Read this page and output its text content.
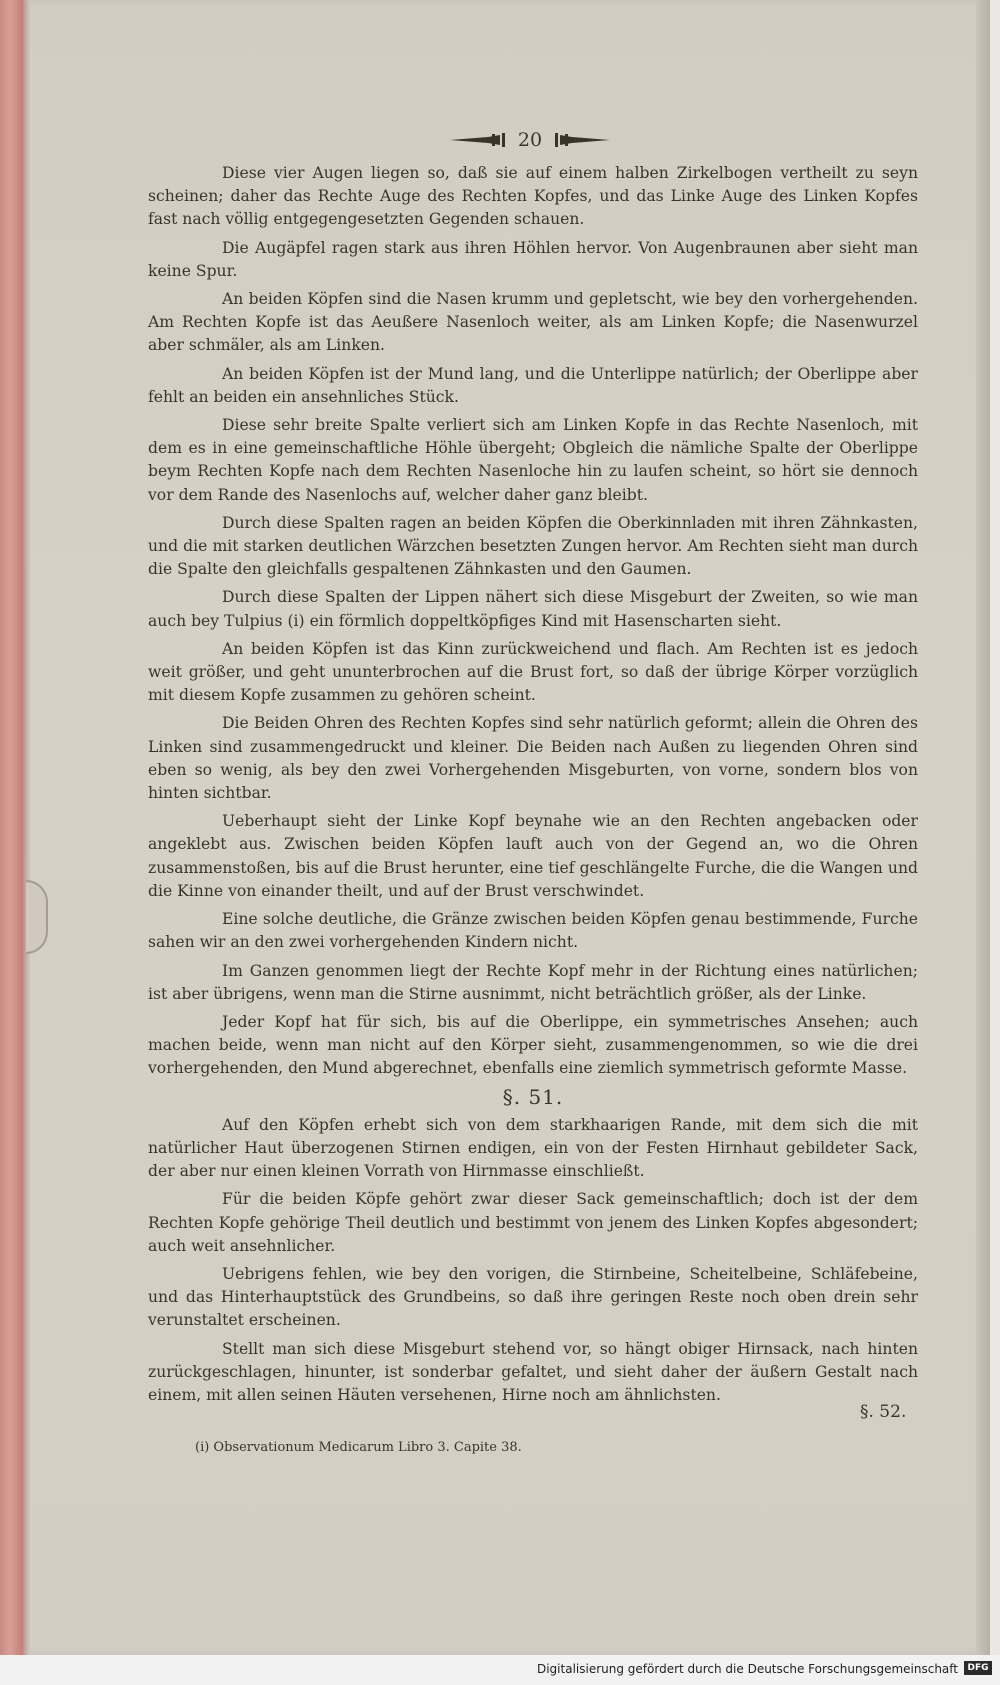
20

Diese vier Augen liegen so, daß sie auf einem halben Zirkelbogen vertheilt zu seyn scheinen; daher das Rechte Auge des Rechten Kopfes, und das Linke Auge des Linken Kopfes fast nach völlig entgegengesetzten Gegenden schauen.

Die Augäpfel ragen stark aus ihren Höhlen hervor. Von Augenbraunen aber sieht man keine Spur.

An beiden Köpfen sind die Nasen krumm und gepletscht, wie bey den vorhergehenden. Am Rechten Kopfe ist das Aeußere Nasenloch weiter, als am Linken Kopfe; die Nasenwurzel aber schmäler, als am Linken.

An beiden Köpfen ist der Mund lang, und die Unterlippe natürlich; der Oberlippe aber fehlt an beiden ein ansehnliches Stück.

Diese sehr breite Spalte verliert sich am Linken Kopfe in das Rechte Nasenloch, mit dem es in eine gemeinschaftliche Höhle übergeht; Obgleich die nämliche Spalte der Oberlippe beym Rechten Kopfe nach dem Rechten Nasenloche hin zu laufen scheint, so hört sie dennoch vor dem Rande des Nasenlochs auf, welcher daher ganz bleibt.

Durch diese Spalten ragen an beiden Köpfen die Oberkinnladen mit ihren Zähnkasten, und die mit starken deutlichen Wärzchen besetzten Zungen hervor. Am Rechten sieht man durch die Spalte den gleichfalls gespaltenen Zähnkasten und den Gaumen.

Durch diese Spalten der Lippen nähert sich diese Misgeburt der Zweiten, so wie man auch bey Tulpius (i) ein förmlich doppeltköpfiges Kind mit Hasenscharten sieht.

An beiden Köpfen ist das Kinn zurückweichend und flach. Am Rechten ist es jedoch weit größer, und geht ununterbrochen auf die Brust fort, so daß der übrige Körper vorzüglich mit diesem Kopfe zusammen zu gehören scheint.

Die Beiden Ohren des Rechten Kopfes sind sehr natürlich geformt; allein die Ohren des Linken sind zusammengedruckt und kleiner. Die Beiden nach Außen zu liegenden Ohren sind eben so wenig, als bey den zwei Vorhergehenden Misgeburten, von vorne, sondern blos von hinten sichtbar.

Ueberhaupt sieht der Linke Kopf beynahe wie an den Rechten angebacken oder angeklebt aus. Zwischen beiden Köpfen lauft auch von der Gegend an, wo die Ohren zusammenstoßen, bis auf die Brust herunter, eine tief geschlängelte Furche, die die Wangen und die Kinne von einander theilt, und auf der Brust verschwindet.

Eine solche deutliche, die Gränze zwischen beiden Köpfen genau bestimmende, Furche sahen wir an den zwei vorhergehenden Kindern nicht.

Im Ganzen genommen liegt der Rechte Kopf mehr in der Richtung eines natürlichen; ist aber übrigens, wenn man die Stirne ausnimmt, nicht beträchtlich größer, als der Linke.

Jeder Kopf hat für sich, bis auf die Oberlippe, ein symmetrisches Ansehen; auch machen beide, wenn man nicht auf den Körper sieht, zusammengenommen, so wie die drei vorhergehenden, den Mund abgerechnet, ebenfalls eine ziemlich symmetrisch geformte Masse.

§. 51.

Auf den Köpfen erhebt sich von dem starkhaarigen Rande, mit dem sich die mit natürlicher Haut überzogenen Stirnen endigen, ein von der Festen Hirnhaut gebildeter Sack, der aber nur einen kleinen Vorrath von Hirnmasse einschließt.

Für die beiden Köpfe gehört zwar dieser Sack gemeinschaftlich; doch ist der dem Rechten Kopfe gehörige Theil deutlich und bestimmt von jenem des Linken Kopfes abgesondert; auch weit ansehnlicher.

Uebrigens fehlen, wie bey den vorigen, die Stirnbeine, Scheitelbeine, Schläfebeine, und das Hinterhauptstück des Grundbeins, so daß ihre geringen Reste noch oben drein sehr verunstaltet erscheinen.

Stellt man sich diese Misgeburt stehend vor, so hängt obiger Hirnsack, nach hinten zurückgeschlagen, hinunter, ist sonderbar gefaltet, und sieht daher der äußern Gestalt nach einem, mit allen seinen Häuten versehenen, Hirne noch am ähnlichsten.

§. 52.
(i) Observationum Medicarum Libro 3. Capite 38.
Digitalisierung gefördert durch die Deutsche Forschungsgemeinschaft	DFG
